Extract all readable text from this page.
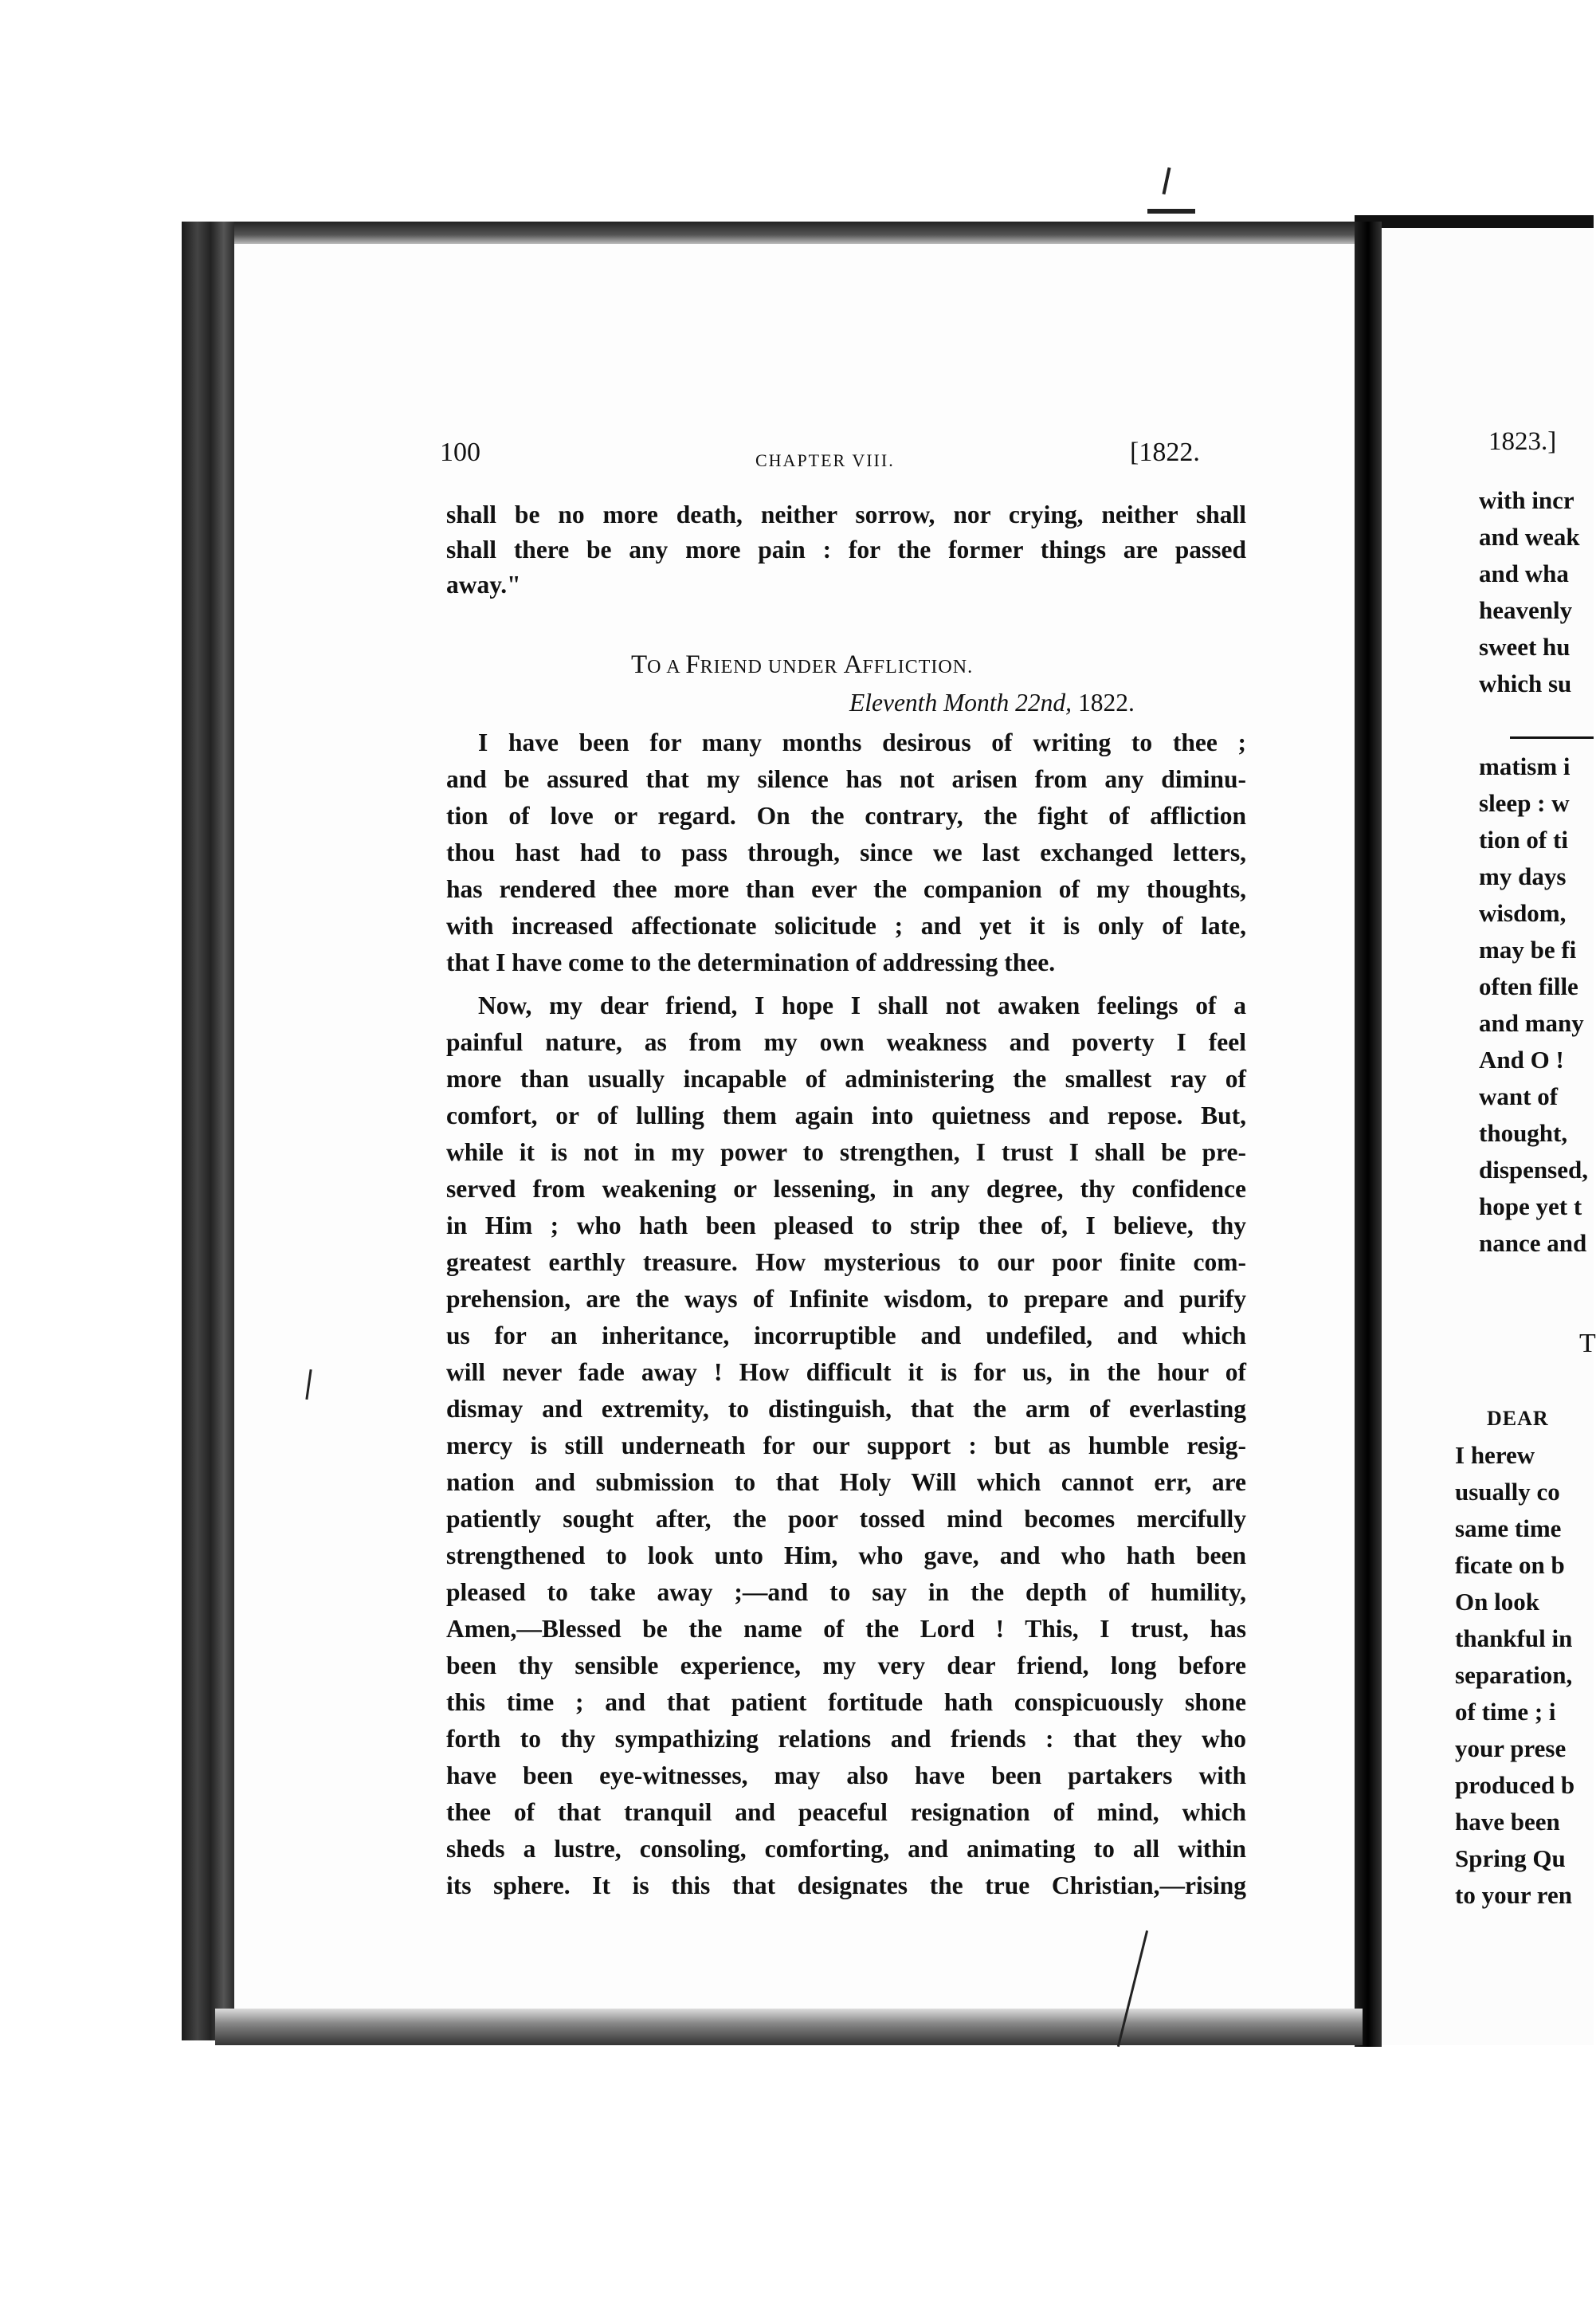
100	CHAPTER VIII.	[1822.
shall be no more death, neither sorrow, nor crying, neither shall
shall there be any more pain : for the former things are passed
away."
TO A FRIEND UNDER AFFLICTION.
Eleventh Month 22nd, 1822.
I have been for many months desirous of writing to thee ;
and be assured that my silence has not arisen from any diminu-
tion of love or regard. On the contrary, the fight of affliction
thou hast had to pass through, since we last exchanged letters,
has rendered thee more than ever the companion of my thoughts,
with increased affectionate solicitude ; and yet it is only of late,
that I have come to the determination of addressing thee.
Now, my dear friend, I hope I shall not awaken feelings of a
painful nature, as from my own weakness and poverty I feel
more than usually incapable of administering the smallest ray of
comfort, or of lulling them again into quietness and repose. But,
while it is not in my power to strengthen, I trust I shall be pre-
served from weakening or lessening, in any degree, thy confidence
in Him ; who hath been pleased to strip thee of, I believe, thy
greatest earthly treasure. How mysterious to our poor finite com-
prehension, are the ways of Infinite wisdom, to prepare and purify
us for an inheritance, incorruptible and undefiled, and which
will never fade away ! How difficult it is for us, in the hour of
dismay and extremity, to distinguish, that the arm of everlasting
mercy is still underneath for our support : but as humble resig-
nation and submission to that Holy Will which cannot err, are
patiently sought after, the poor tossed mind becomes mercifully
strengthened to look unto Him, who gave, and who hath been
pleased to take away ;—and to say in the depth of humility,
Amen,—Blessed be the name of the Lord ! This, I trust, has
been thy sensible experience, my very dear friend, long before
this time ; and that patient fortitude hath conspicuously shone
forth to thy sympathizing relations and friends : that they who
have been eye-witnesses, may also have been partakers with
thee of that tranquil and peaceful resignation of mind, which
sheds a lustre, consoling, comforting, and animating to all within
its sphere. It is this that designates the true Christian,—rising
1823.]
with incr
and weak
and wha
heavenly
sweet hu
which su
matism i
sleep : w
tion of ti
my days
wisdom,
may be fi
often fille
and many
And O !
want of
thought,
dispensed,
hope yet t
nance and
T
DEAR
I herew
usually co
same time
ficate on b
On look
thankful in
separation,
of time ; i
your prese
produced b
have been
Spring Qu
to your ren
